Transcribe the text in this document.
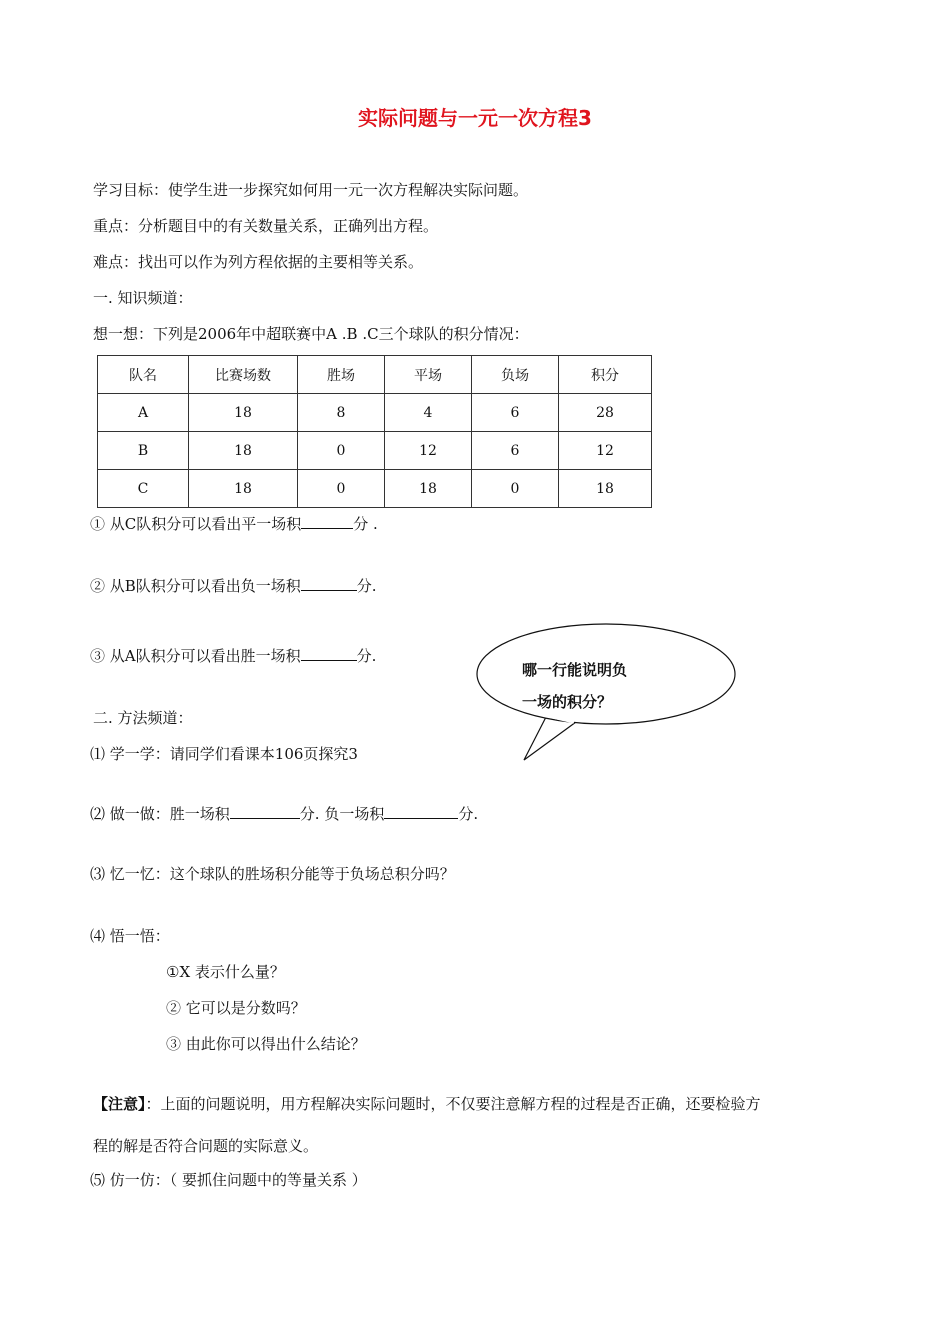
实际问题与一元一次方程3
学习目标：使学生进一步探究如何用一元一次方程解决实际问题。
重点：分析题目中的有关数量关系，正确列出方程。
难点：找出可以作为列方程依据的主要相等关系。
一. 知识频道：
想一想：下列是2006年中超联赛中A .B .C三个球队的积分情况：
队名	比赛场数	胜场	平场	负场	积分
A	18	8	4	6	28
B	18	0	12	6	12
C	18	0	18	0	18
① 从C队积分可以看出平一场积	分 .
② 从B队积分可以看出负一场积	分.
③ 从A队积分可以看出胜一场积	分.
哪一行能说明负
一场的积分？
二. 方法频道：
⑴ 学一学：请同学们看课本106页探究3
⑵ 做一做：胜一场积	分. 负一场积	分.
⑶ 忆一忆：这个球队的胜场积分能等于负场总积分吗？
⑷ 悟一悟：
①X 表示什么量？
② 它可以是分数吗？
③ 由此你可以得出什么结论？
【注意】：上面的问题说明，用方程解决实际问题时，不仅要注意解方程的过程是否正确，还要检验方
程的解是否符合问题的实际意义。
⑸ 仿一仿：（ 要抓住问题中的等量关系 ）
